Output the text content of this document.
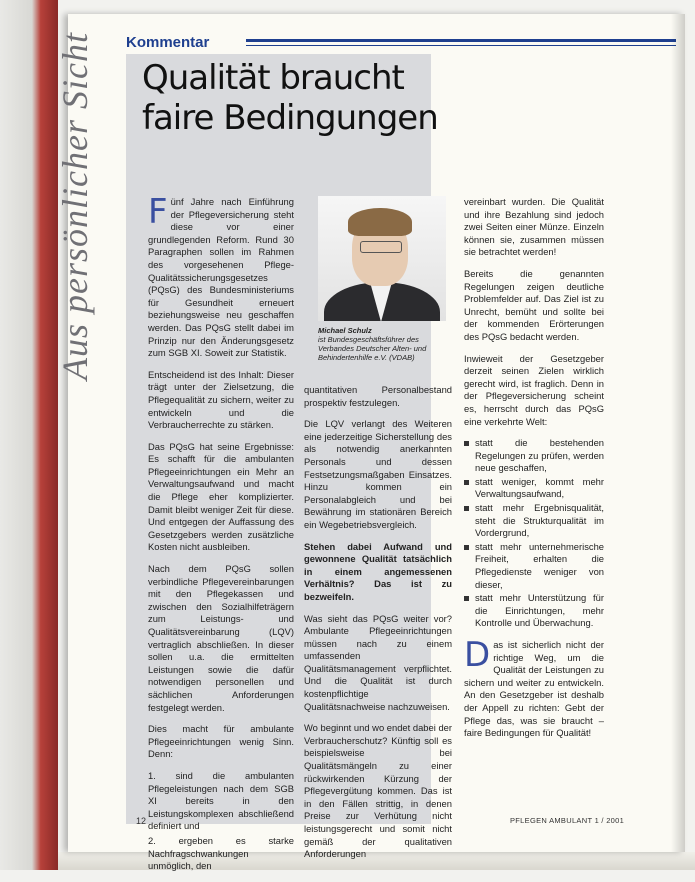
Kommentar
Aus persönlicher Sicht Qualität braucht
faire Bedingungen

Fünf Jahre nach Einführung der Pflegeversicherung steht diese vor einer grundlegenden Reform. Rund 30 Paragraphen sollen im Rahmen des vorgesehenen Pflege-Qualitätssicherungsgesetzes (PQsG) des Bundesministeriums für Gesundheit erneuert beziehungsweise neu geschaffen werden. Das PQsG stellt dabei im Prinzip nur den Änderungsgesetz zum SGB XI. Soweit zur Statistik.

Entscheidend ist des Inhalt: Dieser trägt unter der Zielsetzung, die Pflegequalität zu sichern, weiter zu entwickeln und die Verbraucherrechte zu stärken.

Das PQsG hat seine Ergebnisse: Es schafft für die ambulanten Pflegeeinrichtungen ein Mehr an Verwaltungsaufwand und macht die Pflege eher komplizierter. Damit bleibt weniger Zeit für diese. Und entgegen der Auffassung des Gesetzgebers werden zusätzliche Kosten nicht ausbleiben.

Nach dem PQsG sollen verbindliche Pflegevereinbarungen mit den Pflegekassen und zwischen den Sozialhilfeträgern zum Leistungs- und Qualitätsvereinbarung (LQV) vertraglich abschließen. In dieser sollen u.a. die ermittelten Leistungen sowie die dafür notwendigen personellen und sächlichen Anforderungen festgelegt werden.

Dies macht für ambulante Pflegeeinrichtungen wenig Sinn. Denn:

1. sind die ambulanten Pflegeleistungen nach dem SGB XI bereits in den Leistungskomplexen abschließend definiert und

2. ergeben es starke Nachfragschwankungen unmöglich, den

Michael Schulz
ist Bundesgeschäftsführer des Verbandes Deutscher Alten- und Behindertenhilfe e.V. (VDAB)

quantitativen Personalbestand prospektiv festzulegen.

Die LQV verlangt des Weiteren eine jederzeitige Sicherstellung des als notwendig anerkannten Personals und dessen Festsetzungsmaßgaben Einsatzes. Hinzu kommen ein Personalabgleich und bei Bewährung im stationären Bereich ein Wegebetriebsvergleich.

Stehen dabei Aufwand und gewonnene Qualität tatsächlich in einem angemessenen Verhältnis? Das ist zu bezweifeln.

Was sieht das PQsG weiter vor? Ambulante Pflegeeinrichtungen müssen nach zu einem umfassenden Qualitätsmanagement verpflichtet. Und die Qualität ist durch kostenpflichtige Qualitätsnachweise nachzuweisen.

Wo beginnt und wo endet dabei der Verbraucherschutz? Künftig soll es beispielsweise bei Qualitätsmängeln zu einer rückwirkenden Kürzung der Pflegevergütung kommen. Das ist in den Fällen strittig, in denen Preise zur Verhütung nicht leistungsgerecht und somit nicht gemäß der qualitativen Anforderungen

vereinbart wurden. Die Qualität und ihre Bezahlung sind jedoch zwei Seiten einer Münze. Einzeln können sie, zusammen müssen sie betrachtet werden!

Bereits die genannten Regelungen zeigen deutliche Problemfelder auf. Das Ziel ist zu Unrecht, bemüht und sollte bei der kommenden Erörterungen des PQsG bedacht werden.

Inwieweit der Gesetzgeber derzeit seinen Zielen wirklich gerecht wird, ist fraglich. Denn in der Pflegeversicherung scheint es, herrscht durch das PQsG eine verkehrte Welt:

statt die bestehenden Regelungen zu prüfen, werden neue geschaffen,
statt weniger, kommt mehr Verwaltungsaufwand,
statt mehr Ergebnisqualität, steht die Strukturqualität im Vordergrund,
statt mehr unternehmerische Freiheit, erhalten die Pflegedienste weniger von dieser,
statt mehr Unterstützung für die Einrichtungen, mehr Kontrolle und Überwachung.

Das ist sicherlich nicht der richtige Weg, um die Qualität der Leistungen zu sichern und weiter zu entwickeln. An den Gesetzgeber ist deshalb der Appell zu richten: Gebt der Pflege das, was sie braucht – faire Bedingungen für Qualität!

12	PFLEGEN AMBULANT 1 / 2001
